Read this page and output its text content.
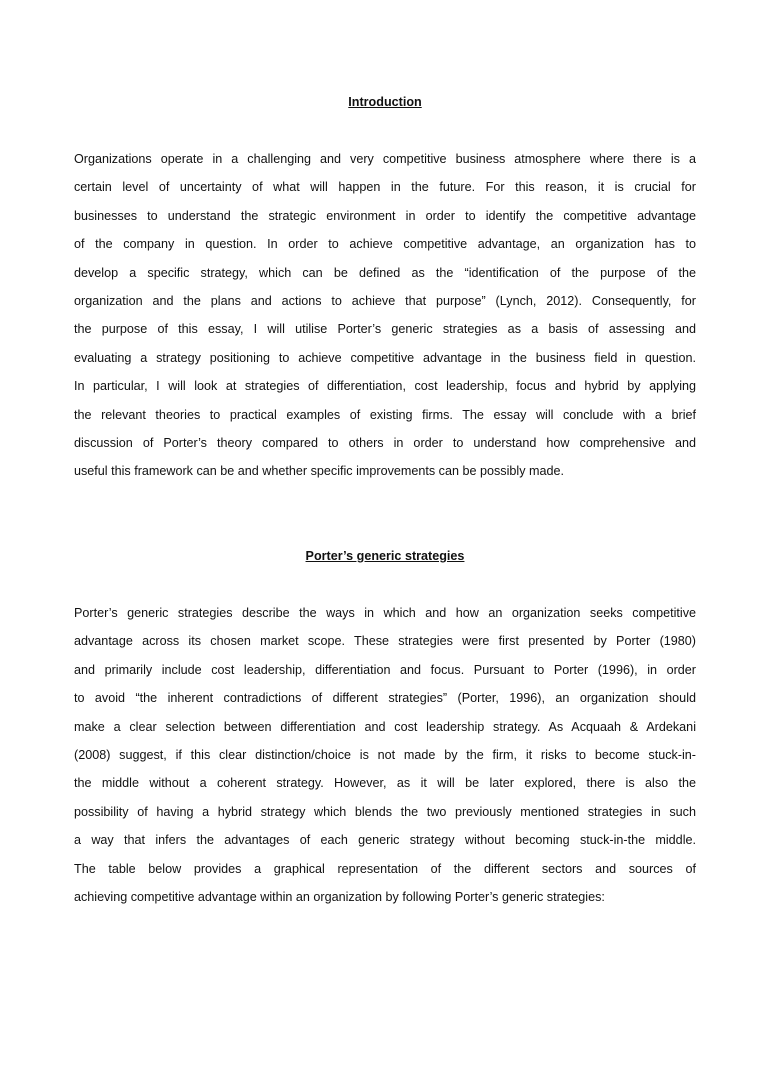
Introduction
Organizations operate in a challenging and very competitive business atmosphere where there is a
certain level of uncertainty of what will happen in the future. For this reason, it is crucial for
businesses to understand the strategic environment in order to identify the competitive advantage
of the company in question. In order to achieve competitive advantage, an organization has to
develop a specific strategy, which can be defined as the “identification of the purpose of the
organization and the plans and actions to achieve that purpose” (Lynch, 2012). Consequently, for
the purpose of this essay, I will utilise Porter’s generic strategies as a basis of assessing and
evaluating a strategy positioning to achieve competitive advantage in the business field in question.
In particular, I will look at strategies of differentiation, cost leadership, focus and hybrid by applying
the relevant theories to practical examples of existing firms. The essay will conclude with a brief
discussion of Porter’s theory compared to others in order to understand how comprehensive and
useful this framework can be and whether specific improvements can be possibly made.
Porter’s generic strategies
Porter’s generic strategies describe the ways in which and how an organization seeks competitive
advantage across its chosen market scope. These strategies were first presented by Porter (1980)
and primarily include cost leadership, differentiation and focus. Pursuant to Porter (1996), in order
to avoid “the inherent contradictions of different strategies” (Porter, 1996), an organization should
make a clear selection between differentiation and cost leadership strategy. As Acquaah & Ardekani
(2008) suggest, if this clear distinction/choice is not made by the firm, it risks to become stuck-in-
the middle without a coherent strategy. However, as it will be later explored, there is also the
possibility of having a hybrid strategy which blends the two previously mentioned strategies in such
a way that infers the advantages of each generic strategy without becoming stuck-in-the middle.
The table below provides a graphical representation of the different sectors and sources of
achieving competitive advantage within an organization by following Porter’s generic strategies:
